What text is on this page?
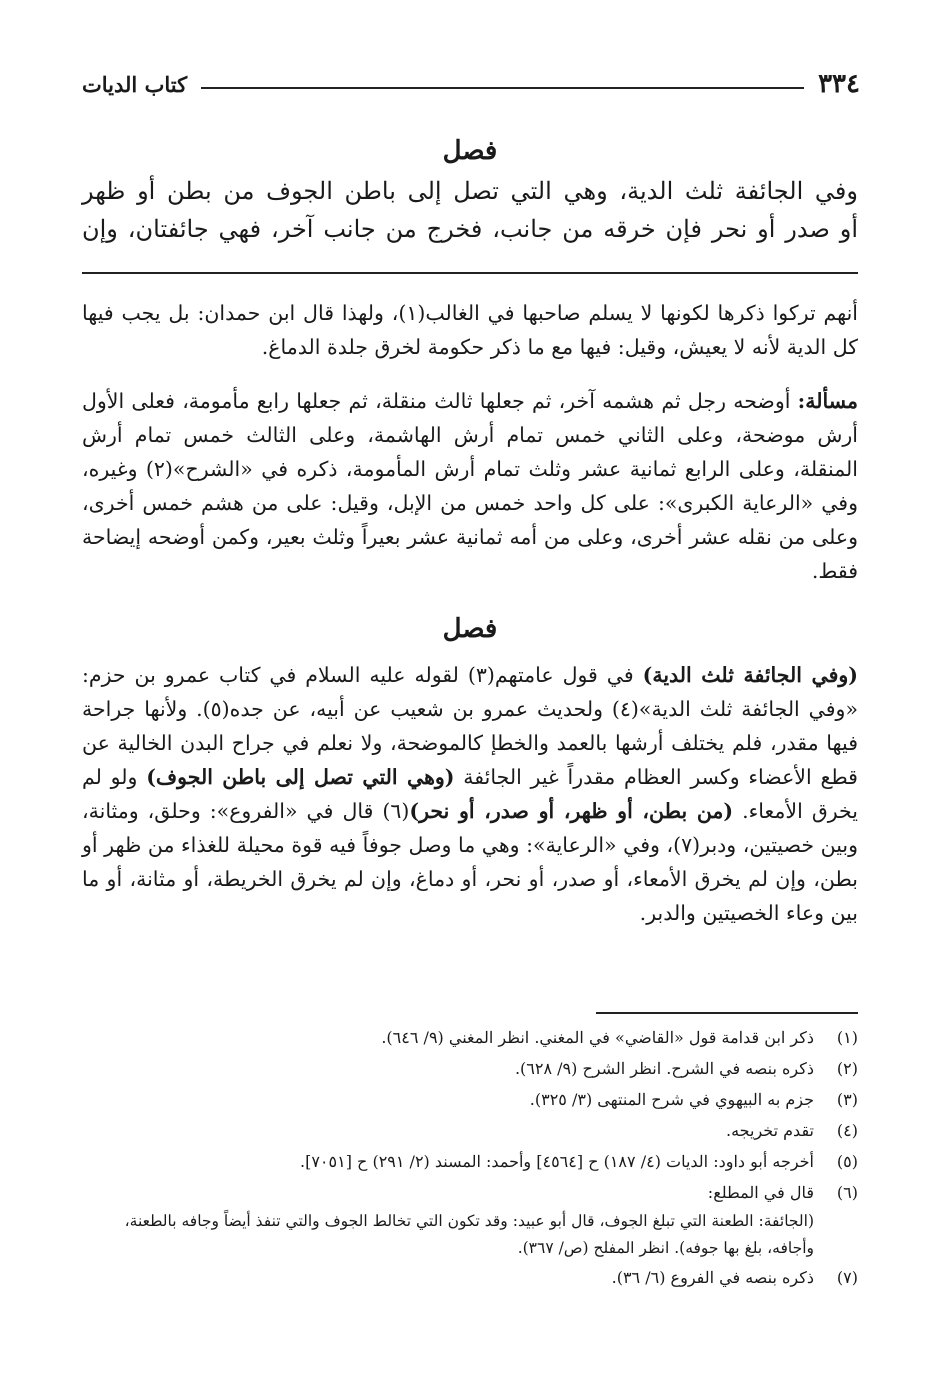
٣٣٤
كتاب الديات
فصل
وفي الجائفة ثلث الدية، وهي التي تصل إلى باطن الجوف من بطن أو ظهر
أو صدر أو نحر فإن خرقه من جانب، فخرج من جانب آخر، فهي جائفتان، وإن

أنهم تركوا ذكرها لكونها لا يسلم صاحبها في الغالب(١)، ولهذا قال ابن حمدان: بل يجب فيها كل الدية لأنه لا يعيش، وقيل: فيها مع ما ذكر حكومة لخرق جلدة الدماغ.

مسألة: أوضحه رجل ثم هشمه آخر، ثم جعلها ثالث منقلة، ثم جعلها رابع مأمومة، فعلى الأول أرش موضحة، وعلى الثاني خمس تمام أرش الهاشمة، وعلى الثالث خمس تمام أرش المنقلة، وعلى الرابع ثمانية عشر وثلث تمام أرش المأمومة، ذكره في «الشرح»(٢) وغيره، وفي «الرعاية الكبرى»: على كل واحد خمس من الإبل، وقيل: على من هشم خمس أخرى، وعلى من نقله عشر أخرى، وعلى من أمه ثمانية عشر بعيراً وثلث بعير، وكمن أوضحه إيضاحة فقط.

فصل

(وفي الجائفة ثلث الدية) في قول عامتهم(٣) لقوله عليه السلام في كتاب عمرو بن حزم: «وفي الجائفة ثلث الدية»(٤) ولحديث عمرو بن شعيب عن أبيه، عن جده(٥). ولأنها جراحة فيها مقدر، فلم يختلف أرشها بالعمد والخطإ كالموضحة، ولا نعلم في جراح البدن الخالية عن قطع الأعضاء وكسر العظام مقدراً غير الجائفة (وهي التي تصل إلى باطن الجوف) ولو لم يخرق الأمعاء. (من بطن، أو ظهر، أو صدر، أو نحر)(٦) قال في «الفروع»: وحلق، ومثانة، وبين خصيتين، ودبر(٧)، وفي «الرعاية»: وهي ما وصل جوفاً فيه قوة محيلة للغذاء من ظهر أو بطن، وإن لم يخرق الأمعاء، أو صدر، أو نحر، أو دماغ، وإن لم يخرق الخريطة، أو مثانة، أو ما بين وعاء الخصيتين والدبر.

(١)
ذكر ابن قدامة قول «القاضي» في المغني. انظر المغني (٩/ ٦٤٦).
(٢)
ذكره بنصه في الشرح. انظر الشرح (٩/ ٦٢٨).
(٣)
جزم به البيهوي في شرح المنتهى (٣/ ٣٢٥).
(٤)
تقدم تخريجه.
(٥)
أخرجه أبو داود: الديات (٤/ ١٨٧) ح [٤٥٦٤] وأحمد: المسند (٢/ ٢٩١) ح [٧٠٥١].
(٦)
قال في المطلع:
(الجائفة: الطعنة التي تبلغ الجوف، قال أبو عبيد: وقد تكون التي تخالط الجوف والتي تنفذ أيضاً وجافه بالطعنة، وأجافه، بلغ بها جوفه). انظر المفلح (ص/ ٣٦٧).
(٧)
ذكره بنصه في الفروع (٦/ ٣٦).
